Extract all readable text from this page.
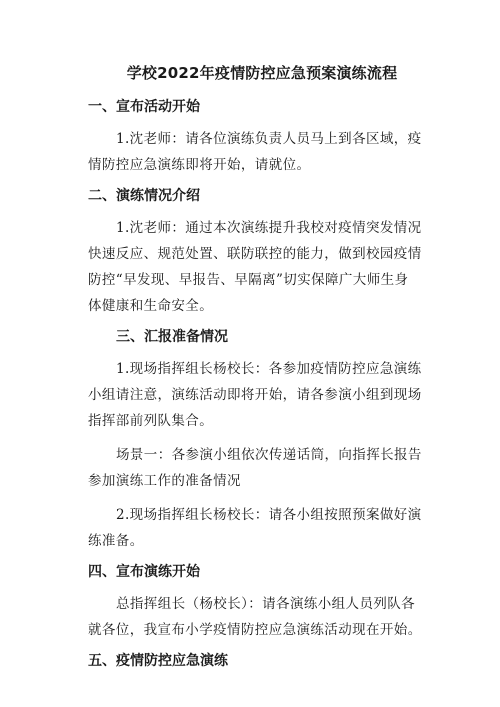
学校2022年疫情防控应急预案演练流程
一、宣布活动开始

1.沈老师：请各位演练负责人员马上到各区域，疫情防控应急演练即将开始，请就位。

二、演练情况介绍

1.沈老师：通过本次演练提升我校对疫情突发情况快速反应、规范处置、联防联控的能力，做到校园疫情防控“早发现、早报告、早隔离”切实保障广大师生身体健康和生命安全。

三、汇报准备情况

1.现场指挥组长杨校长：各参加疫情防控应急演练小组请注意，演练活动即将开始，请各参演小组到现场指挥部前列队集合。

场景一：各参演小组依次传递话筒，向指挥长报告参加演练工作的准备情况

2.现场指挥组长杨校长：请各小组按照预案做好演练准备。

四、宣布演练开始

总指挥组长（杨校长）：请各演练小组人员列队各就各位，我宣布小学疫情防控应急演练活动现在开始。

五、疫情防控应急演练
